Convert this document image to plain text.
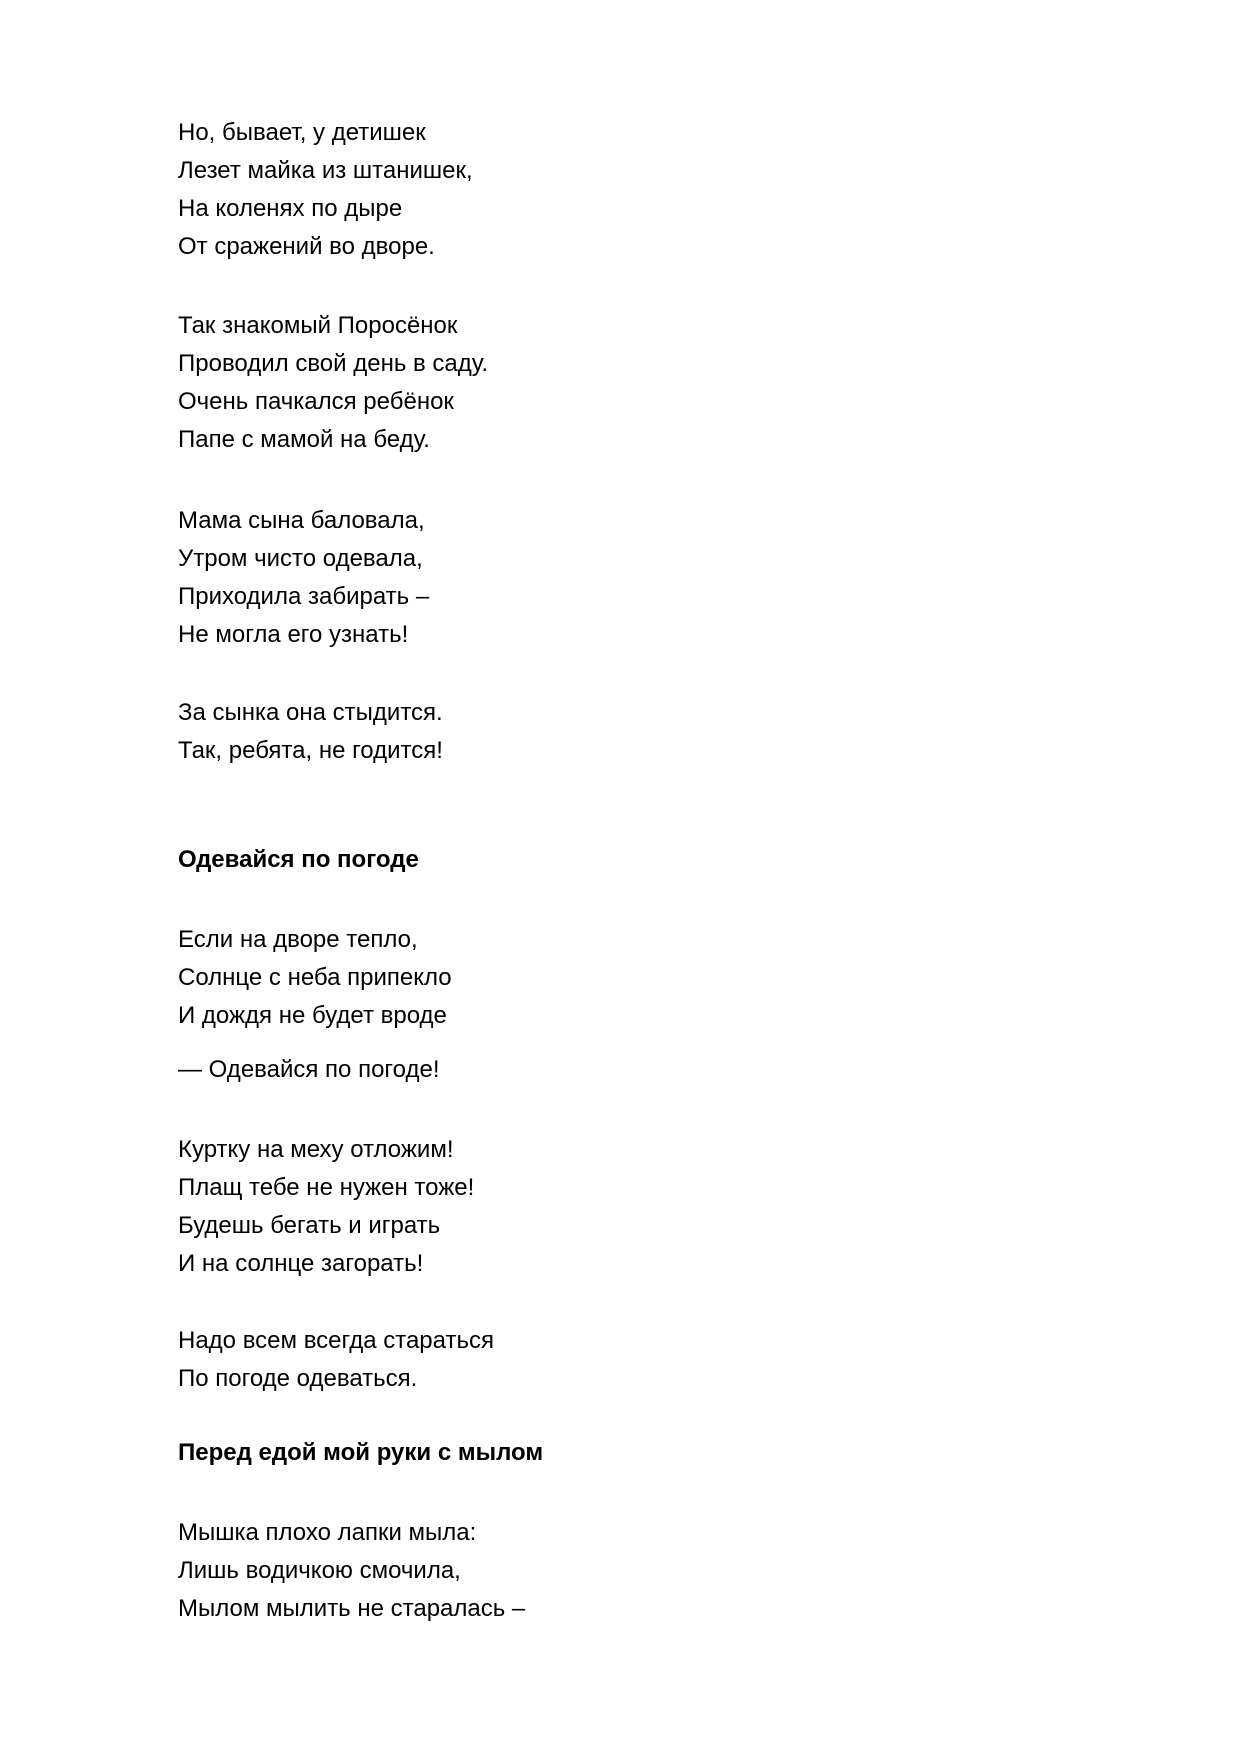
Но, бывает, у детишек
Лезет майка из штанишек,
На коленях по дыре
От сражений во дворе.
Так знакомый Поросёнок
Проводил свой день в саду.
Очень пачкался ребёнок
Папе с мамой на беду.
Мама сына баловала,
Утром чисто одевала,
Приходила забирать –
Не могла его узнать!
За сынка она стыдится.
Так, ребята, не годится!
Одевайся по погоде
Если на дворе тепло,
Солнце с неба припекло
И дождя не будет вроде
— Одевайся по погоде!
Куртку на меху отложим!
Плащ тебе не нужен тоже!
Будешь бегать и играть
И на солнце загорать!
Надо всем всегда стараться
По погоде одеваться.
Перед едой мой руки с мылом
Мышка плохо лапки мыла:
Лишь водичкою смочила,
Мылом мылить не старалась –
